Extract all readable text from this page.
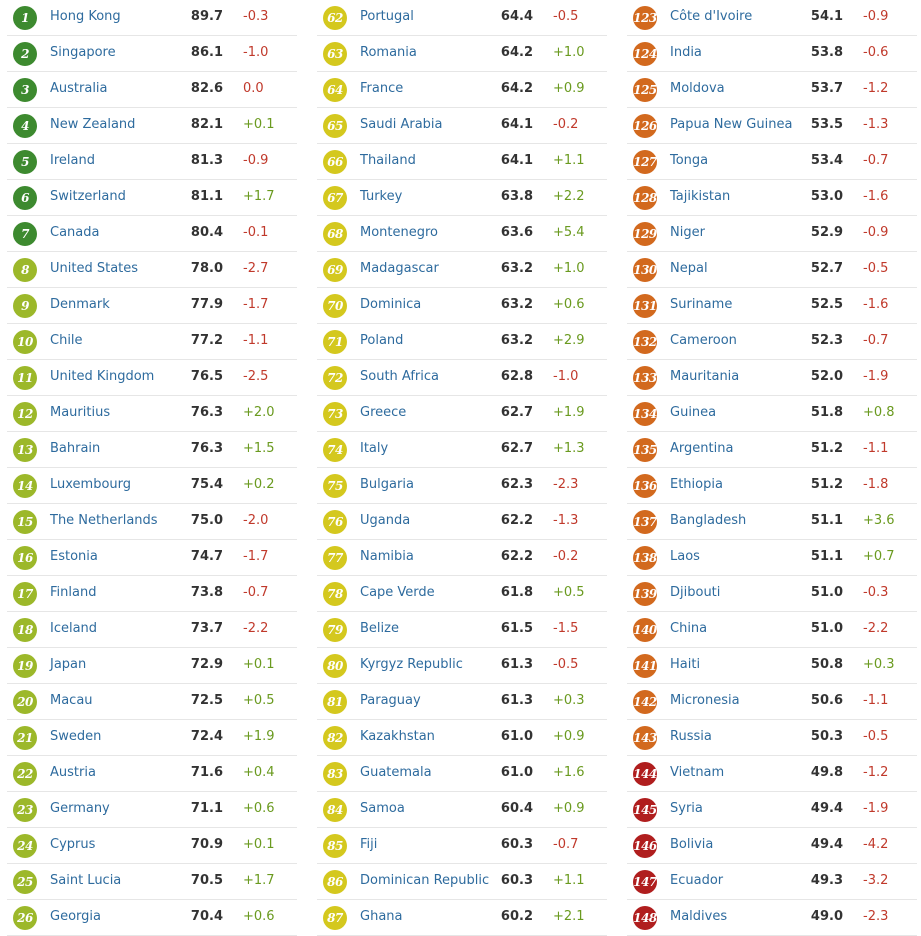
1	Hong Kong	89.7 -0.3
2	Singapore	86.1 -1.0
3	Australia	82.6 0.0
4	New Zealand	82.1 +0.1
5	Ireland	81.3 -0.9
6	Switzerland	81.1 +1.7
7	Canada	80.4 -0.1
8	United States	78.0 -2.7
9	Denmark	77.9 -1.7
10	Chile	77.2 -1.1
11	United Kingdom	76.5 -2.5
12	Mauritius	76.3 +2.0
13	Bahrain	76.3 +1.5
14	Luxembourg	75.4 +0.2
15	The Netherlands	75.0 -2.0
16	Estonia	74.7 -1.7
17	Finland	73.8 -0.7
18	Iceland	73.7 -2.2
19	Japan	72.9 +0.1
20	Macau	72.5 +0.5
21	Sweden	72.4 +1.9
22	Austria	71.6 +0.4
23	Germany	71.1 +0.6
24	Cyprus	70.9 +0.1
25	Saint Lucia	70.5 +1.7
26	Georgia	70.4 +0.6
62	Portugal	64.4 -0.5
63	Romania	64.2 +1.0
64	France	64.2 +0.9
65	Saudi Arabia	64.1 -0.2
66	Thailand	64.1 +1.1
67	Turkey	63.8 +2.2
68	Montenegro	63.6 +5.4
69	Madagascar	63.2 +1.0
70	Dominica	63.2 +0.6
71	Poland	63.2 +2.9
72	South Africa	62.8 -1.0
73	Greece	62.7 +1.9
74	Italy	62.7 +1.3
75	Bulgaria	62.3 -2.3
76	Uganda	62.2 -1.3
77	Namibia	62.2 -0.2
78	Cape Verde	61.8 +0.5
79	Belize	61.5 -1.5
80	Kyrgyz Republic	61.3 -0.5
81	Paraguay	61.3 +0.3
82	Kazakhstan	61.0 +0.9
83	Guatemala	61.0 +1.6
84	Samoa	60.4 +0.9
85	Fiji	60.3 -0.7
86	Dominican Republic 60.3 +1.1
87	Ghana	60.2 +2.1
123 Côte d'Ivoire	54.1 -0.9
124 India	53.8 -0.6
125 Moldova	53.7 -1.2
126 Papua New Guinea	53.5 -1.3
127 Tonga	53.4 -0.7
128 Tajikistan	53.0 -1.6
129 Niger	52.9 -0.9
130 Nepal	52.7 -0.5
131 Suriname	52.5 -1.6
132 Cameroon	52.3 -0.7
133 Mauritania	52.0 -1.9
134 Guinea	51.8 +0.8
135 Argentina	51.2 -1.1
136 Ethiopia	51.2 -1.8
137 Bangladesh	51.1 +3.6
138 Laos	51.1 +0.7
139 Djibouti	51.0 -0.3
140 China	51.0 -2.2
141 Haiti	50.8 +0.3
142 Micronesia	50.6 -1.1
143 Russia	50.3 -0.5
144 Vietnam	49.8 -1.2
145 Syria	49.4 -1.9
146 Bolivia	49.4 -4.2
147 Ecuador	49.3 -3.2
148 Maldives	49.0 -2.3
